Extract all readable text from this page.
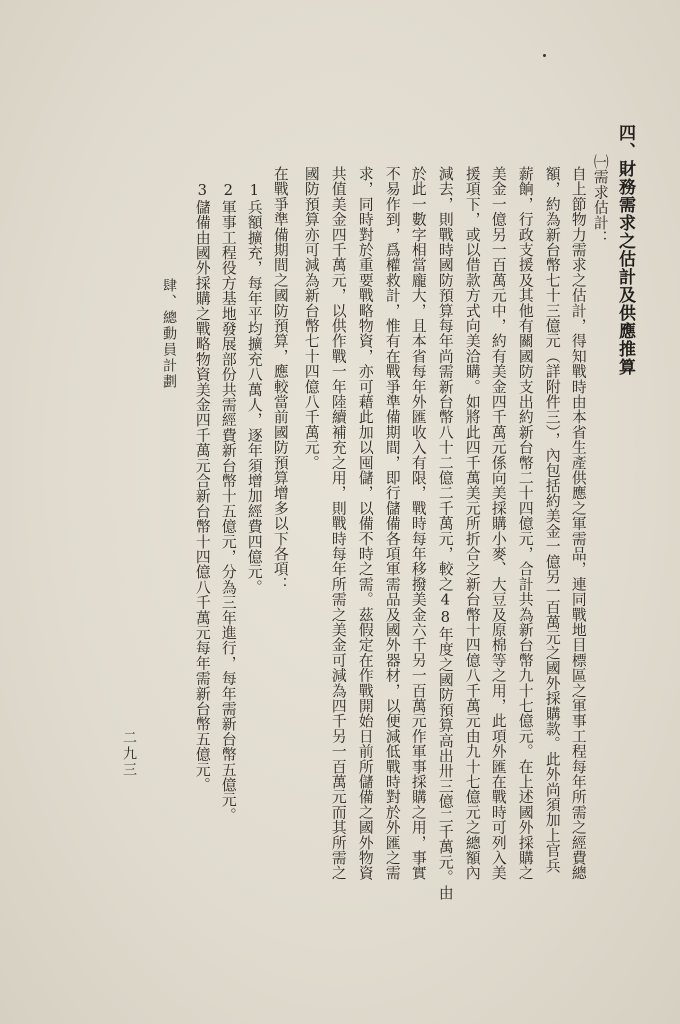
四、財務需求之估計及供應推算
㈠需求估計：
自上節物力需求之估計，得知戰時由本省生產供應之軍需品，連同戰地目標區之軍事工程每年所需之經費總
額，約為新台幣七十三億元（詳附件三），內包括約美金一億另一百萬元之國外採購款。此外尚須加上官兵
薪餉，行政支援及其他有關國防支出約新台幣二十四億元，合計共為新台幣九十七億元。在上述國外採購之
美金一億另一百萬元中，約有美金四千萬元係向美採購小麥、大豆及原棉等之用，此項外匯在戰時可列入美
援項下，或以借款方式向美洽購。如將此四千萬美元所折合之新台幣十四億八千萬元由九十七億元之總額內
減去，則戰時國防預算每年尚需新台幣八十二億二千萬元，較之48年度之國防預算高出卅三億二千萬元。由
於此一數字相當龐大，且本省每年外匯收入有限，戰時每年移撥美金六千另一百萬元作軍事採購之用，事實
不易作到，爲權救計，惟有在戰爭準備期間，即行儲備各項軍需品及國外器材，以便減低戰時對於外匯之需
求，同時對於重要戰略物資，亦可藉此加以囤儲，以備不時之需。茲假定在作戰開始日前所儲備之國外物資
共值美金四千萬元，以供作戰一年陸續補充之用，則戰時每年所需之美金可減為四千另一百萬元而其所需之
國防預算亦可減為新台幣七十四億八千萬元。
在戰爭準備期間之國防預算，應較當前國防預算增多以下各項：
1兵額擴充，每年平均擴充八萬人，逐年須增加經費四億元。
2軍事工程役方基地發展部份共需經費新台幣十五億元，分為三年進行，每年需新台幣五億元。
3儲備由國外採購之戰略物資美金四千萬元合新台幣十四億八千萬元每年需新台幣五億元。
肆、總動員計劃
二九三
